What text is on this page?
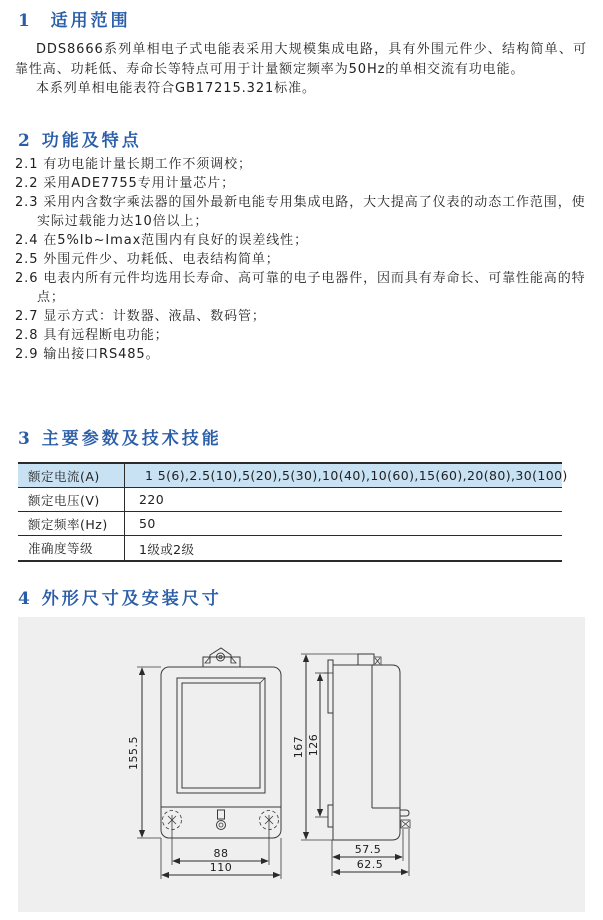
1  适用范围

DDS8666系列单相电子式电能表采用大规模集成电路，具有外围元件少、结构简单、可靠性高、功耗低、寿命长等特点可用于计量额定频率为50Hz的单相交流有功电能。

本系列单相电能表符合GB17215.321标准。

2 功能及特点
2.1 有功电能计量长期工作不须调校；
2.2 采用ADE7755专用计量芯片；
2.3 采用内含数字乘法器的国外最新电能专用集成电路，大大提高了仪表的动态工作范围，使实际过载能力达10倍以上；
2.4 在5%Ib~Imax范围内有良好的误差线性；
2.5 外围元件少、功耗低、电表结构简单；
2.6 电表内所有元件均选用长寿命、高可靠的电子电器件，因而具有寿命长、可靠性能高的特点；
2.7 显示方式：计数器、液晶、数码管；
2.8 具有远程断电功能；
2.9 输出接口RS485。
3 主要参数及技术技能
额定电流(A)	1 5(6),2.5(10),5(20),5(30),10(40),10(60),15(60),20(80),30(100)
额定电压(V)	220
额定频率(Hz)	50
准确度等级	1级或2级
4 外形尺寸及安装尺寸
155.5
88
110
167 126
57.5
62.5
